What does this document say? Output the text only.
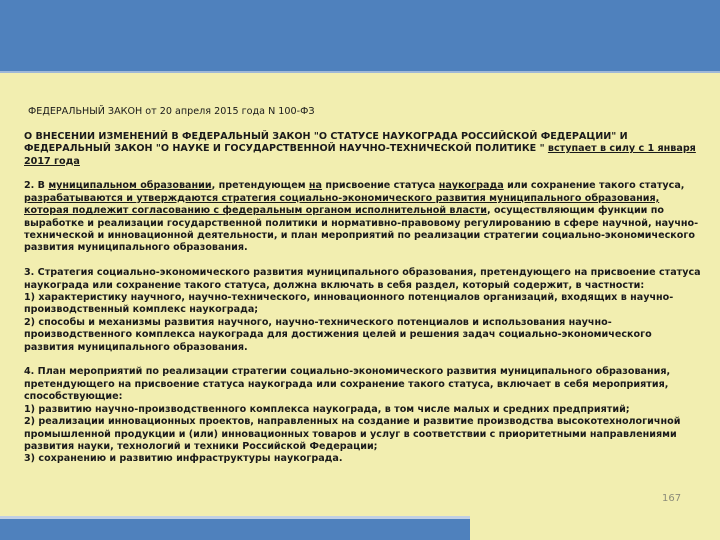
ФЕДЕРАЛЬНЫЙ ЗАКОН от 20 апреля 2015 года N 100-ФЗ
О ВНЕСЕНИИ ИЗМЕНЕНИЙ В ФЕДЕРАЛЬНЫЙ ЗАКОН "О СТАТУСЕ НАУКОГРАДА РОССИЙСКОЙ ФЕДЕРАЦИИ" И ФЕДЕРАЛЬНЫЙ ЗАКОН "О НАУКЕ И ГОСУДАРСТВЕННОЙ НАУЧНО-ТЕХНИЧЕСКОЙ ПОЛИТИКЕ " вступает в силу с 1 января 2017 года
2. В муниципальном образовании, претендующем на присвоение статуса наукограда или сохранение такого статуса, разрабатываются и утверждаются стратегия социально-экономического развития муниципального образования, которая подлежит согласованию с федеральным органом исполнительной власти, осуществляющим функции по выработке и реализации государственной политики и нормативно-правовому регулированию в сфере научной, научно-технической и инновационной деятельности, и план мероприятий по реализации стратегии социально-экономического развития муниципального образования.
3. Стратегия социально-экономического развития муниципального образования, претендующего на присвоение статуса наукограда или сохранение такого статуса, должна включать в себя раздел, который содержит, в частности:
1) характеристику научного, научно-технического, инновационного потенциалов организаций, входящих в научно-производственный комплекс наукограда;
2) способы и механизмы развития научного, научно-технического потенциалов и использования научно-производственного комплекса наукограда для достижения целей и решения задач социально-экономического развития муниципального образования.
4. План мероприятий по реализации стратегии социально-экономического развития муниципального образования, претендующего на присвоение статуса наукограда или сохранение такого статуса, включает в себя мероприятия, способствующие:
1) развитию научно-производственного комплекса наукограда, в том числе малых и средних предприятий;
2) реализации инновационных проектов, направленных на создание и развитие производства высокотехнологичной промышленной продукции и (или) инновационных товаров и услуг в соответствии с приоритетными направлениями развития науки, технологий и техники Российской Федерации;
3) сохранению и развитию инфраструктуры наукограда.
167
